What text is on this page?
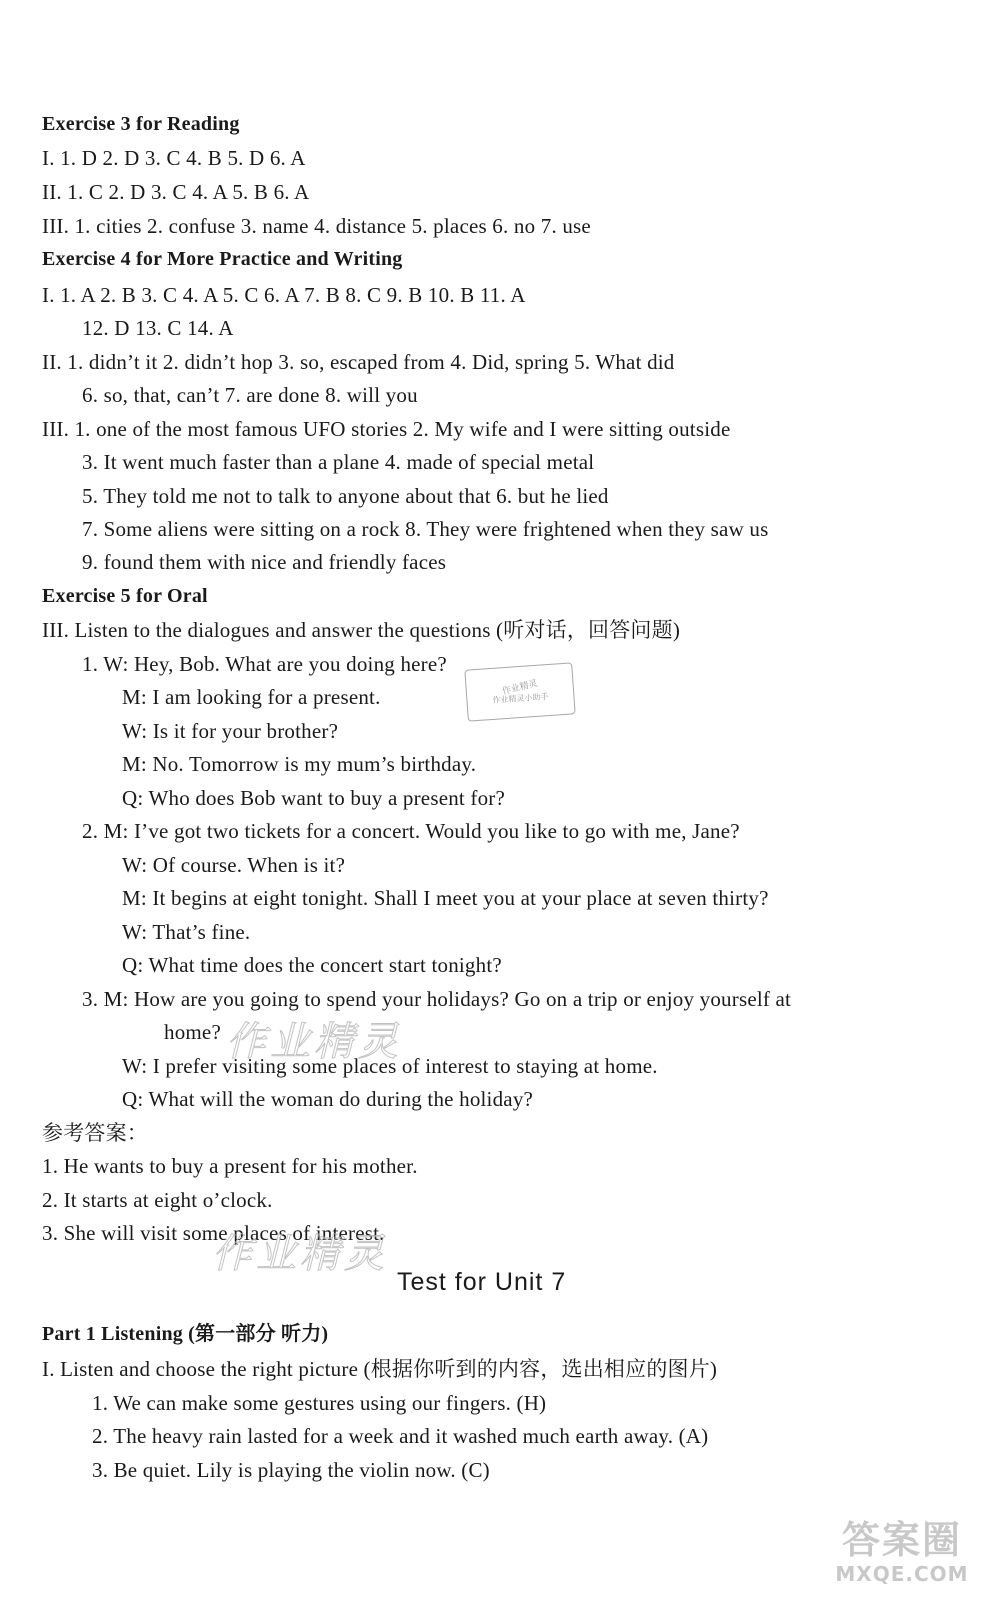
Exercise 3 for Reading
I. 1. D 2. D 3. C 4. B 5. D 6. A
II. 1. C 2. D 3. C 4. A 5. B 6. A
III. 1. cities 2. confuse 3. name 4. distance 5. places 6. no 7. use
Exercise 4 for More Practice and Writing
I. 1. A 2. B 3. C 4. A 5. C 6. A 7. B 8. C 9. B 10. B 11. A
12. D 13. C 14. A
II. 1. didn’t it 2. didn’t hop 3. so, escaped from 4. Did, spring 5. What did
6. so, that, can’t 7. are done 8. will you
III. 1. one of the most famous UFO stories 2. My wife and I were sitting outside
3. It went much faster than a plane 4. made of special metal
5. They told me not to talk to anyone about that 6. but he lied
7. Some aliens were sitting on a rock 8. They were frightened when they saw us
9. found them with nice and friendly faces
Exercise 5 for Oral
III. Listen to the dialogues and answer the questions (听对话，回答问题)
1. W: Hey, Bob. What are you doing here?
M: I am looking for a present.
W: Is it for your brother?
M: No. Tomorrow is my mum’s birthday.
Q: Who does Bob want to buy a present for?
2. M: I’ve got two tickets for a concert. Would you like to go with me, Jane?
W: Of course. When is it?
M: It begins at eight tonight. Shall I meet you at your place at seven thirty?
W: That’s fine.
Q: What time does the concert start tonight?
3. M: How are you going to spend your holidays? Go on a trip or enjoy yourself at
home?
W: I prefer visiting some places of interest to staying at home.
Q: What will the woman do during the holiday?
参考答案：
1. He wants to buy a present for his mother.
2. It starts at eight o’clock.
3. She will visit some places of interest.
Test for Unit 7
Part 1 Listening (第一部分 听力)
I. Listen and choose the right picture (根据你听到的内容，选出相应的图片)
1. We can make some gestures using our fingers. (H)
2. The heavy rain lasted for a week and it washed much earth away. (A)
3. Be quiet. Lily is playing the violin now. (C)
作业精灵
作业精灵小助手
作业精灵
作业精灵
答案圈
MXQE.COM
